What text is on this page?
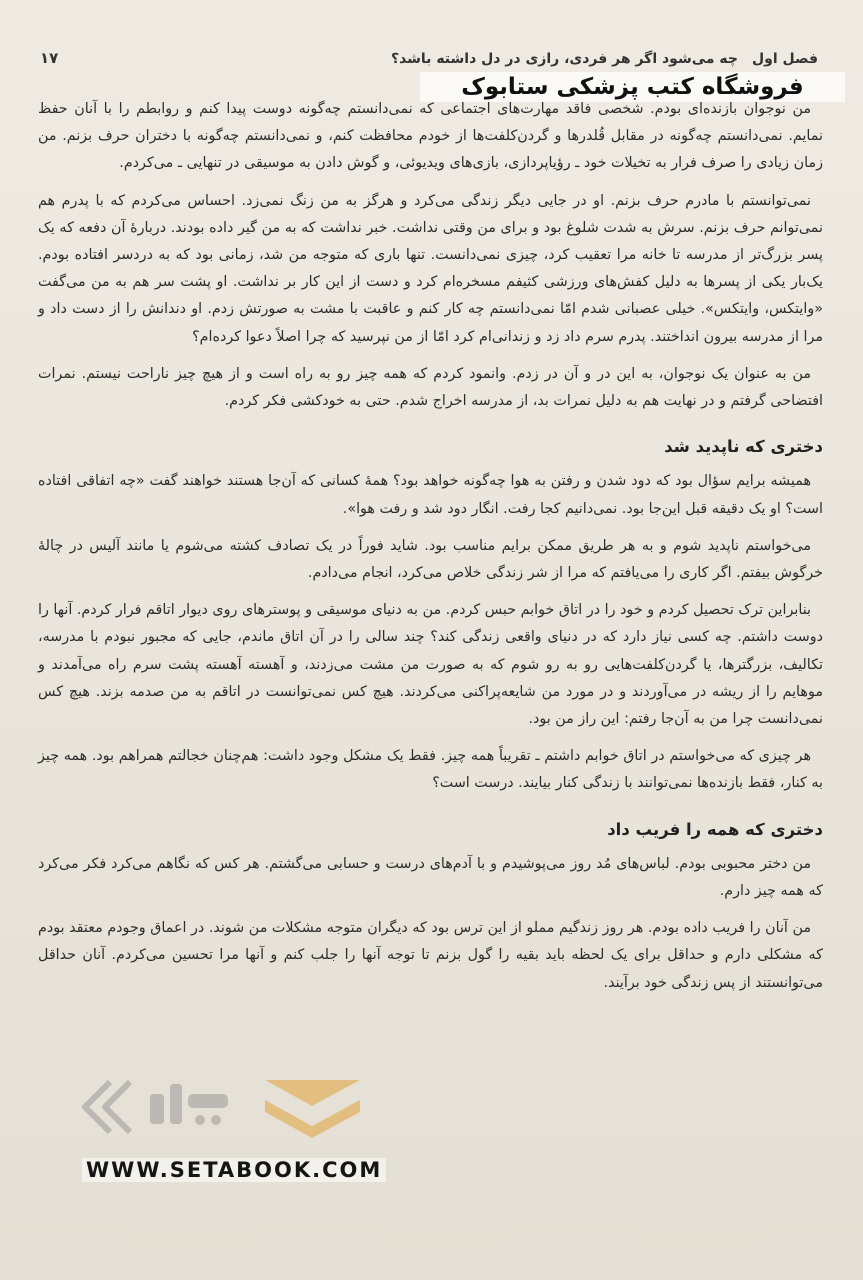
فصل اول
چه می‌شود اگر هر فردی، رازی در دل داشته باشد؟
۱۷
فروشگاه کتب پزشکی ستابوک

من نوجوان بازنده‌ای بودم. شخصی فاقد مهارت‌های اجتماعی که نمی‌دانستم چه‌گونه دوست پیدا کنم و روابطم را با آنان حفظ نمایم. نمی‌دانستم چه‌گونه در مقابل قُلدرها و گردن‌کلفت‌ها از خودم محافظت کنم، و نمی‌دانستم چه‌گونه با دختران حرف بزنم. من زمان زیادی را صرف فرار به تخیلات خود ـ رؤیاپردازی، بازی‌های ویدیوئی، و گوش دادن به موسیقی در تنهایی ـ می‌کردم.

نمی‌توانستم با مادرم حرف بزنم. او در جایی دیگر زندگی می‌کرد و هرگز به من زنگ نمی‌زد. احساس می‌کردم که با پدرم هم نمی‌توانم حرف بزنم. سرش به شدت شلوغ بود و برای من وقتی نداشت. خبر نداشت که به من گیر داده بودند. دربارهٔ آن دفعه که یک پسر بزرگ‌تر از مدرسه تا خانه مرا تعقیب کرد، چیزی نمی‌دانست. تنها باری که متوجه من شد، زمانی بود که به دردسر افتاده بودم. یک‌بار یکی از پسرها به دلیل کفش‌های ورزشی کثیفم مسخره‌ام کرد و دست از این کار بر نداشت. او پشت سر هم به من می‌گفت «وایتکس، وایتکس». خیلی عصبانی شدم امّا نمی‌دانستم چه کار کنم و عاقبت با مشت به صورتش زدم. او دندانش را از دست داد و مرا از مدرسه بیرون انداختند. پدرم سرم داد زد و زندانی‌ام کرد امّا از من نپرسید که چرا اصلاً دعوا کرده‌ام؟

من به عنوان یک نوجوان، به این در و آن در زدم. وانمود کردم که همه چیز رو به راه است و از هیچ چیز ناراحت نیستم. نمرات افتضاحی گرفتم و در نهایت هم به دلیل نمرات بد، از مدرسه اخراج شدم. حتی به خودکشی فکر کردم.

دختری که ناپدید شد

همیشه برایم سؤال بود که دود شدن و رفتن به هوا چه‌گونه خواهد بود؟ همهٔ کسانی که آن‌جا هستند خواهند گفت «چه اتفاقی افتاده است؟ او یک دقیقه قبل این‌جا بود. نمی‌دانیم کجا رفت. انگار دود شد و رفت هوا».

می‌خواستم ناپدید شوم و به هر طریق ممکن برایم مناسب بود. شاید فوراً در یک تصادف کشته می‌شوم یا مانند آلیس در چالهٔ خرگوش بیفتم. اگر کاری را می‌یافتم که مرا از شر زندگی خلاص می‌کرد، انجام می‌دادم.

بنابراین ترک تحصیل کردم و خود را در اتاق خوابم حبس کردم. من به دنیای موسیقی و پوسترهای روی دیوار اتاقم فرار کردم. آنها را دوست داشتم. چه کسی نیاز دارد که در دنیای واقعی زندگی کند؟ چند سالی را در آن اتاق ماندم، جایی که مجبور نبودم با مدرسه، تکالیف، بزرگترها، یا گردن‌کلفت‌هایی رو به رو شوم که به صورت من مشت می‌زدند، و آهسته آهسته پشت سرم راه می‌آمدند و موهایم را از ریشه در می‌آوردند و در مورد من شایعه‌پراکنی می‌کردند. هیچ کس نمی‌توانست در اتاقم به من صدمه بزند. هیچ کس نمی‌دانست چرا من به آن‌جا رفتم: این راز من بود.

هر چیزی که می‌خواستم در اتاق خوابم داشتم ـ تقریباً همه چیز. فقط یک مشکل وجود داشت: هم‌چنان خجالتم همراهم بود. همه چیز به کنار، فقط بازنده‌ها نمی‌توانند با زندگی کنار بیایند. درست است؟

دختری که همه را فریب داد

من دختر محبوبی بودم. لباس‌های مُد روز می‌پوشیدم و با آدم‌های درست و حسابی می‌گشتم. هر کس که نگاهم می‌کرد فکر می‌کرد که همه چیز دارم.

من آنان را فریب داده بودم. هر روز زندگیم مملو از این ترس بود که دیگران متوجه مشکلات من شوند. در اعماق وجودم معتقد بودم که مشکلی دارم و حداقل برای یک لحظه باید بقیه را گول بزنم تا توجه آنها را جلب کنم و آنها مرا تحسین می‌کردم. آنان حداقل می‌توانستند از پس زندگی خود برآیند.

WWW.SETABOOK.COM
